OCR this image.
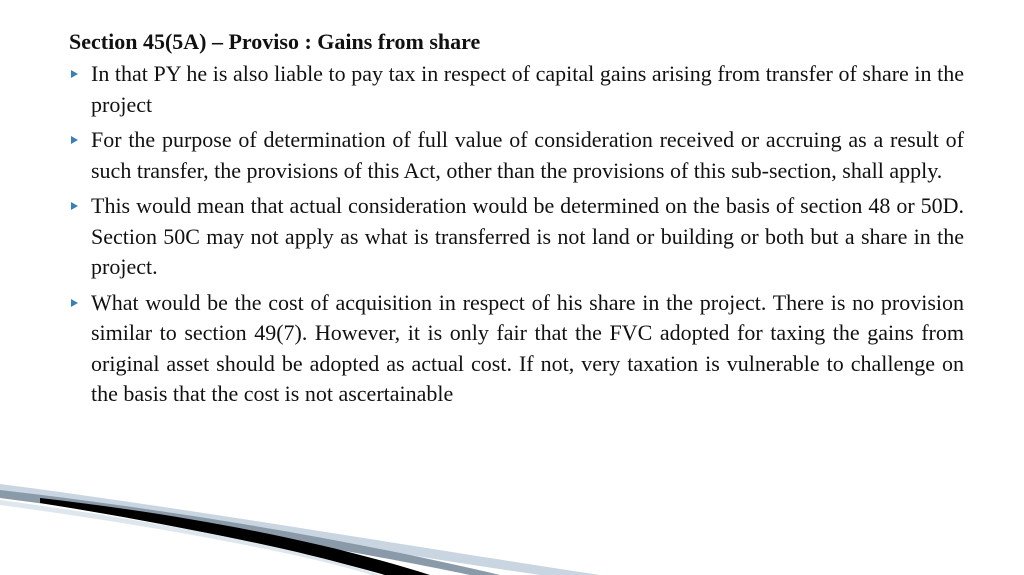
Section 45(5A) – Proviso : Gains from share
In that PY he is also liable to pay tax in respect of capital gains arising from transfer of share in the project
For the purpose of determination of full value of consideration received or accruing as a result of such transfer, the provisions of this Act, other than the provisions of this sub-section, shall apply.
This would mean that actual consideration would be determined on the basis of section 48 or 50D. Section 50C may not apply as what is transferred is not land or building or both but a share in the project.
What would be the cost of acquisition in respect of his share in the project. There is no provision similar to section 49(7). However, it is only fair that the FVC adopted for taxing the gains from original asset should be adopted as actual cost. If not, very taxation is vulnerable to challenge on the basis that the cost is not ascertainable
